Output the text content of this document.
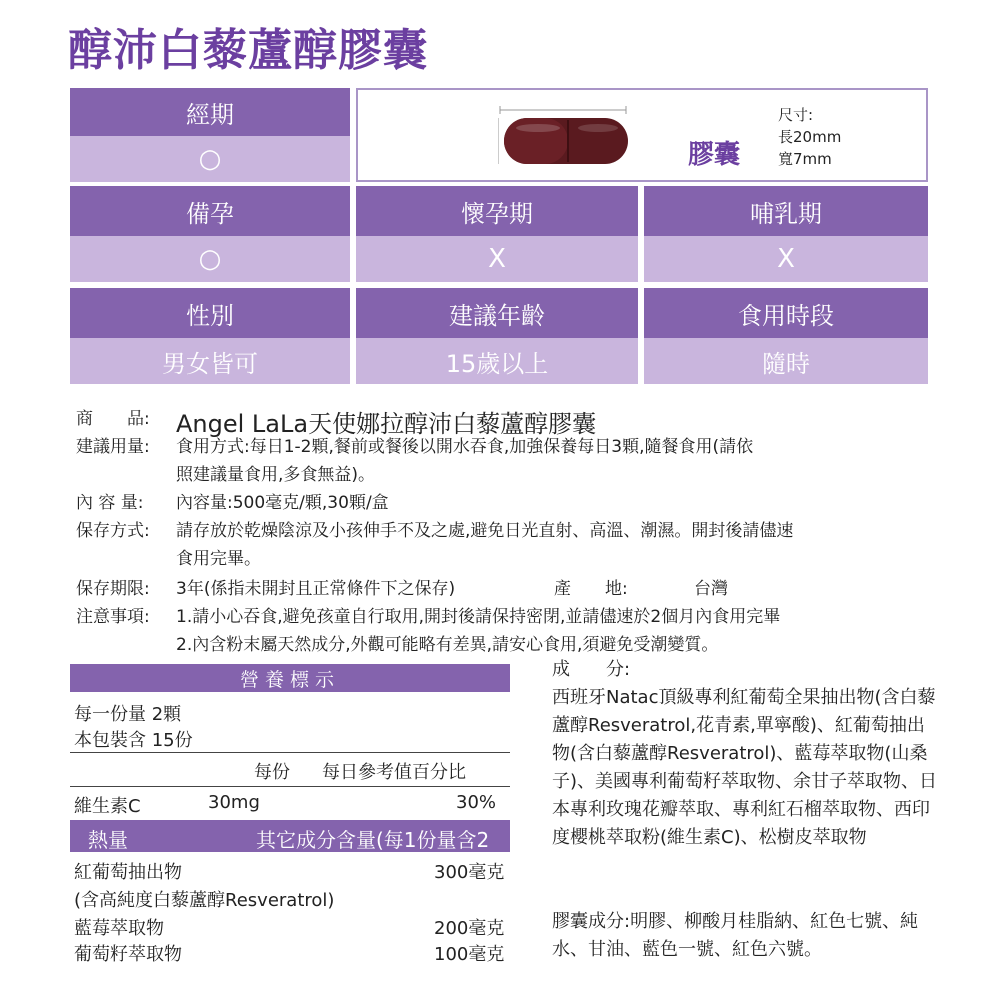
醇沛白藜蘆醇膠囊
經期
○	膠囊
尺寸:
長20mm
寬7mm
備孕
○
懷孕期
X
哺乳期
X
性別
男女皆可
建議年齡
15歲以上
食用時段
隨時
商　　品: Angel LaLa天使娜拉醇沛白藜蘆醇膠囊
建議用量: 食用方式:每日1-2顆,餐前或餐後以開水吞食,加強保養每日3顆,隨餐食用(請依
照建議量食用,多食無益)。
內 容 量: 內容量:500毫克/顆,30顆/盒
保存方式: 請存放於乾燥陰涼及小孩伸手不及之處,避免日光直射、高溫、潮濕。開封後請儘速
食用完畢。
保存期限: 3年(係指未開封且正常條件下之保存)	產　　地:	台灣
注意事項: 1.請小心吞食,避免孩童自行取用,開封後請保持密閉,並請儘速於2個月內食用完畢
2.內含粉末屬天然成分,外觀可能略有差異,請安心食用,須避免受潮變質。
營養標示
每一份量 2顆
本包裝含 15份
每份 每日參考值百分比
維生素C	30mg	30%
熱量	其它成分含量(每1份量含2粒)
紅葡萄抽出物	300毫克
(含高純度白藜蘆醇Resveratrol)
藍莓萃取物	200毫克
葡萄籽萃取物	100毫克
成　　分:
西班牙Natac頂級專利紅葡萄全果抽出物(含白藜蘆醇Resveratrol,花青素,單寧酸)、紅葡萄抽出物(含白藜蘆醇Resveratrol)、藍莓萃取物(山桑子)、美國專利葡萄籽萃取物、余甘子萃取物、日本專利玫瑰花瓣萃取、專利紅石榴萃取物、西印度櫻桃萃取粉(維生素C)、松樹皮萃取物
膠囊成分:明膠、柳酸月桂脂納、紅色七號、純水、甘油、藍色一號、紅色六號。
